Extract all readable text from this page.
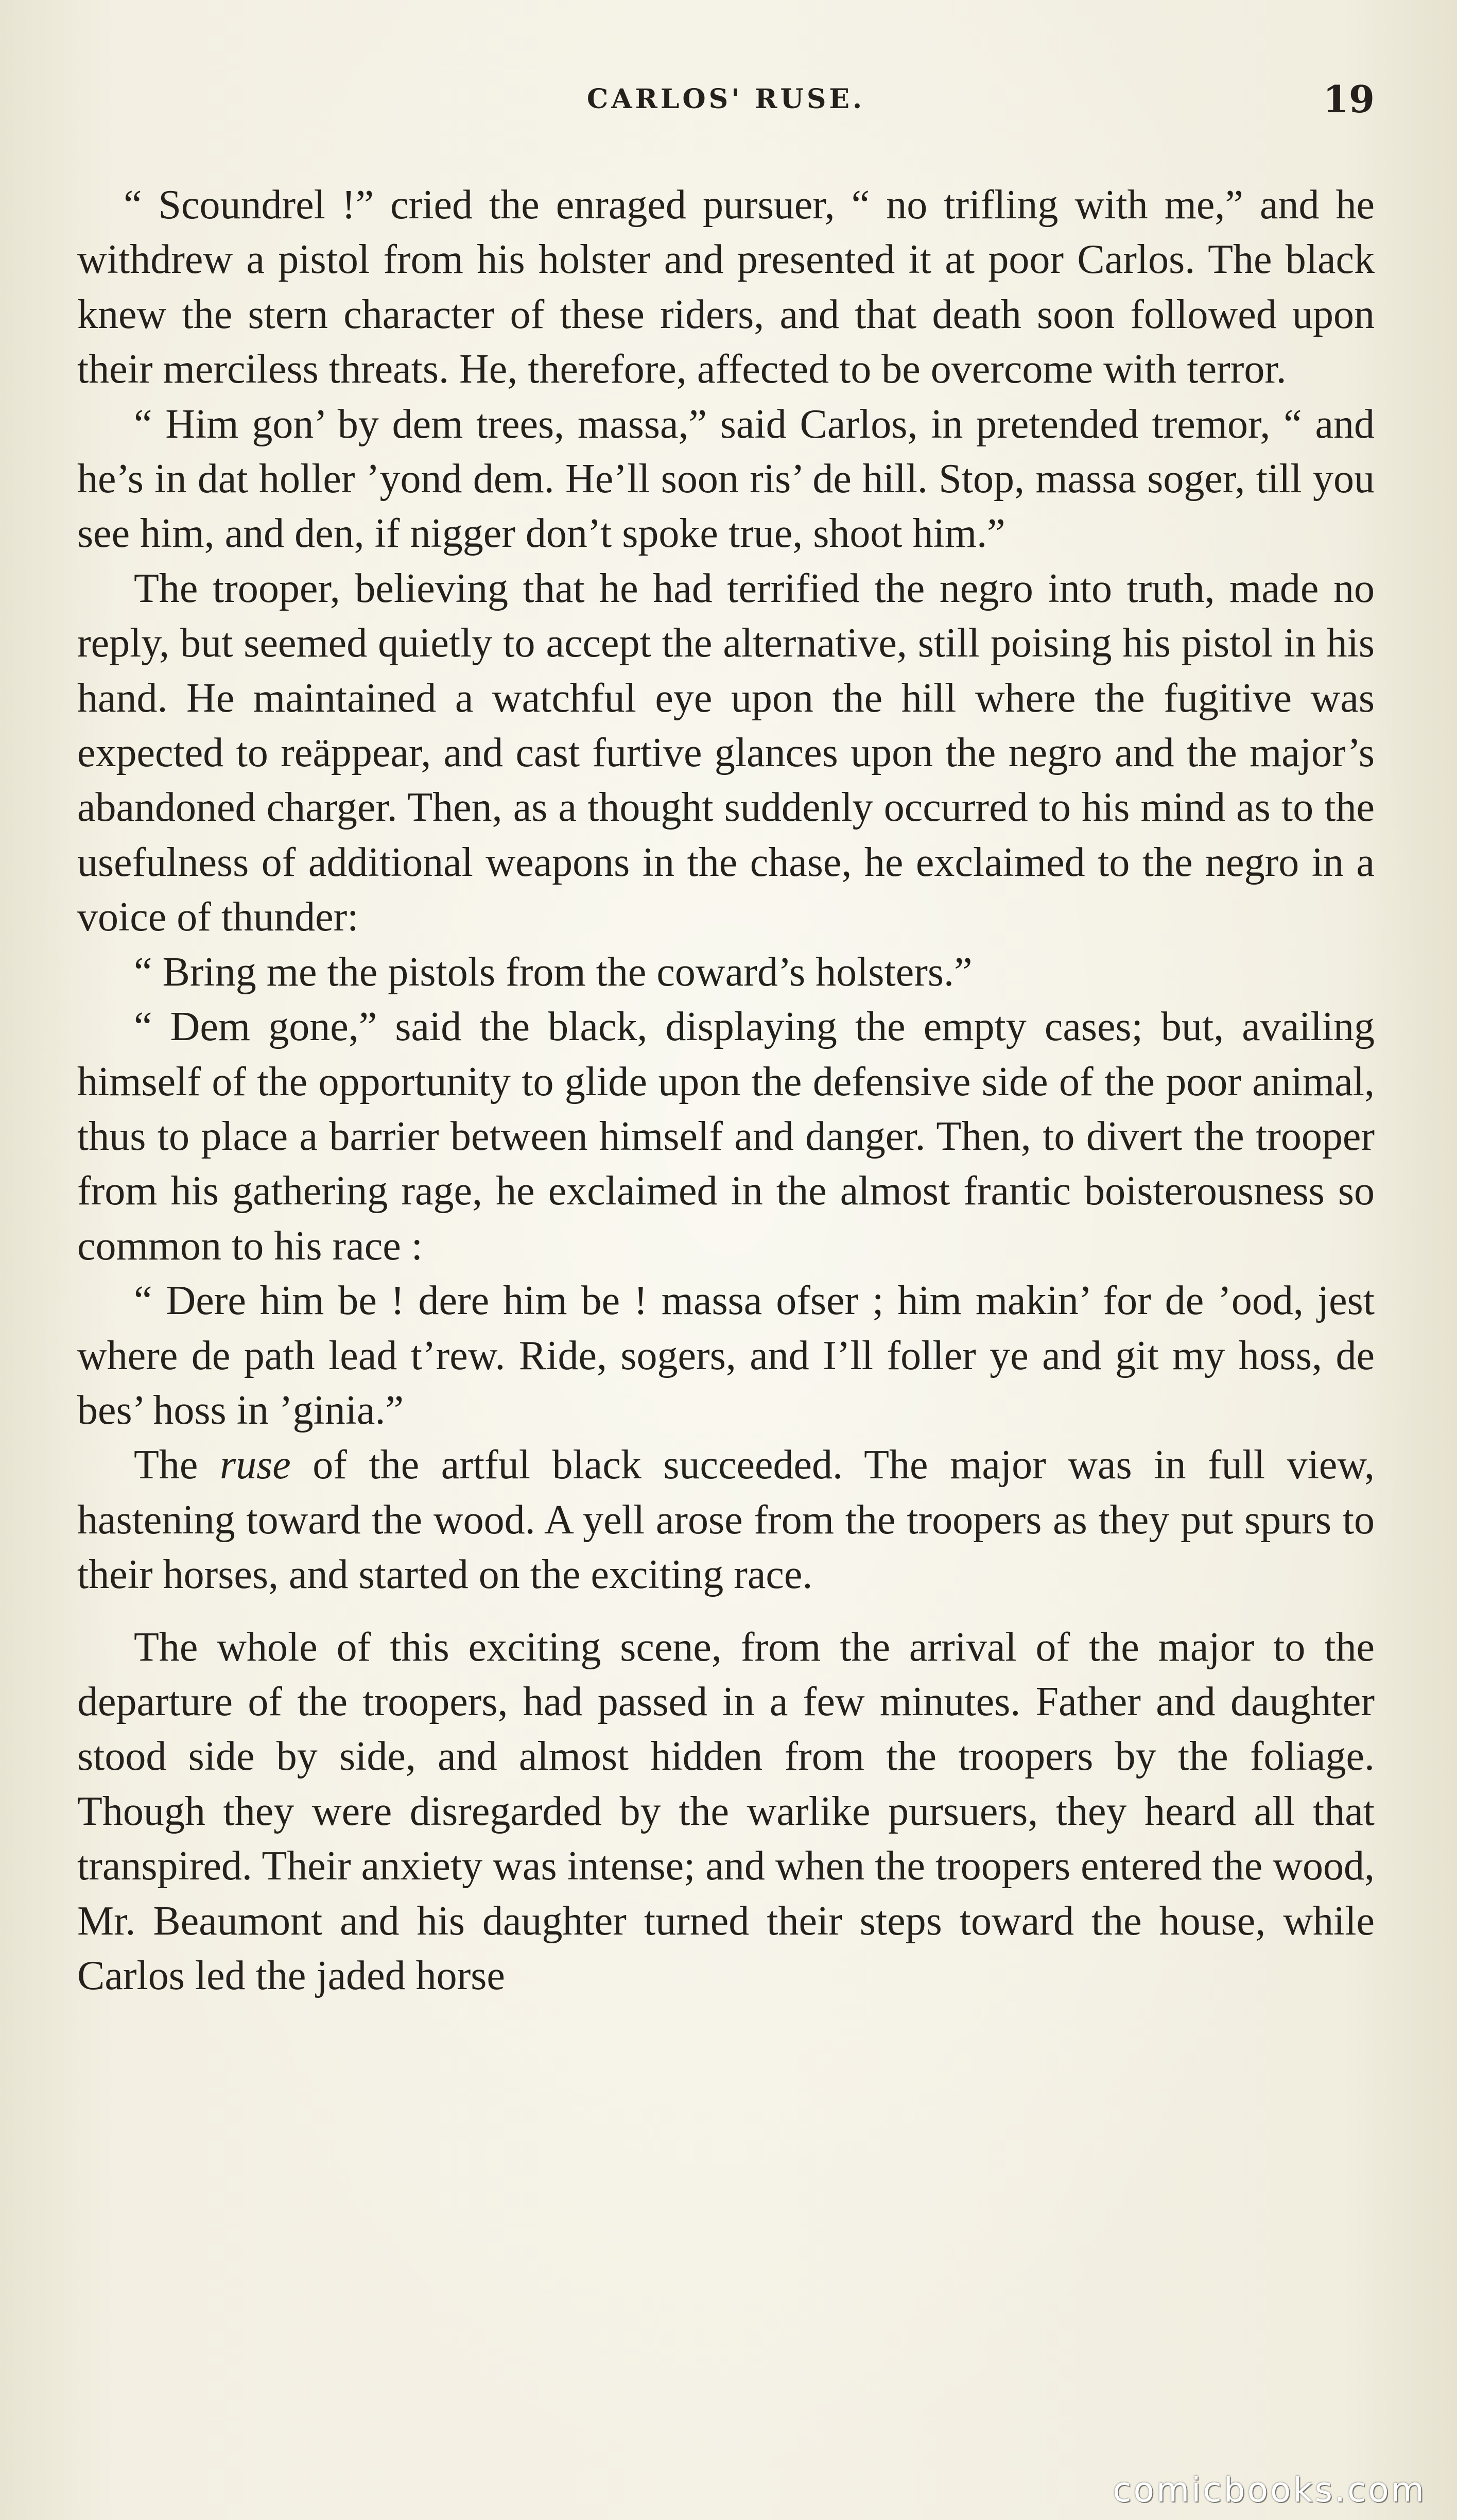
CARLOS' RUSE.	19

“ Scoundrel !” cried the enraged pursuer, “ no trifling with me,” and he withdrew a pistol from his holster and presented it at poor Carlos. The black knew the stern character of these riders, and that death soon followed upon their merciless threats. He, therefore, affected to be overcome with terror.

“ Him gon’ by dem trees, massa,” said Carlos, in pretended tremor, “ and he’s in dat holler ’yond dem. He’ll soon ris’ de hill. Stop, massa soger, till you see him, and den, if nigger don’t spoke true, shoot him.”

The trooper, believing that he had terrified the negro into truth, made no reply, but seemed quietly to accept the alternative, still poising his pistol in his hand. He maintained a watchful eye upon the hill where the fugitive was expected to reäppear, and cast furtive glances upon the negro and the major’s abandoned charger. Then, as a thought suddenly occurred to his mind as to the usefulness of additional weapons in the chase, he exclaimed to the negro in a voice of thunder:

“ Bring me the pistols from the coward’s holsters.”

“ Dem gone,” said the black, displaying the empty cases; but, availing himself of the opportunity to glide upon the defensive side of the poor animal, thus to place a barrier between himself and danger. Then, to divert the trooper from his gathering rage, he exclaimed in the almost frantic boisterousness so common to his race :

“ Dere him be ! dere him be ! massa ofser ; him makin’ for de ’ood, jest where de path lead t’rew. Ride, sogers, and I’ll foller ye and git my hoss, de bes’ hoss in ’ginia.”

The ruse of the artful black succeeded. The major was in full view, hastening toward the wood. A yell arose from the troopers as they put spurs to their horses, and started on the exciting race.

The whole of this exciting scene, from the arrival of the major to the departure of the troopers, had passed in a few minutes. Father and daughter stood side by side, and almost hidden from the troopers by the foliage. Though they were disregarded by the warlike pursuers, they heard all that transpired. Their anxiety was intense; and when the troopers entered the wood, Mr. Beaumont and his daughter turned their steps toward the house, while Carlos led the jaded horse

comicbooks.com
